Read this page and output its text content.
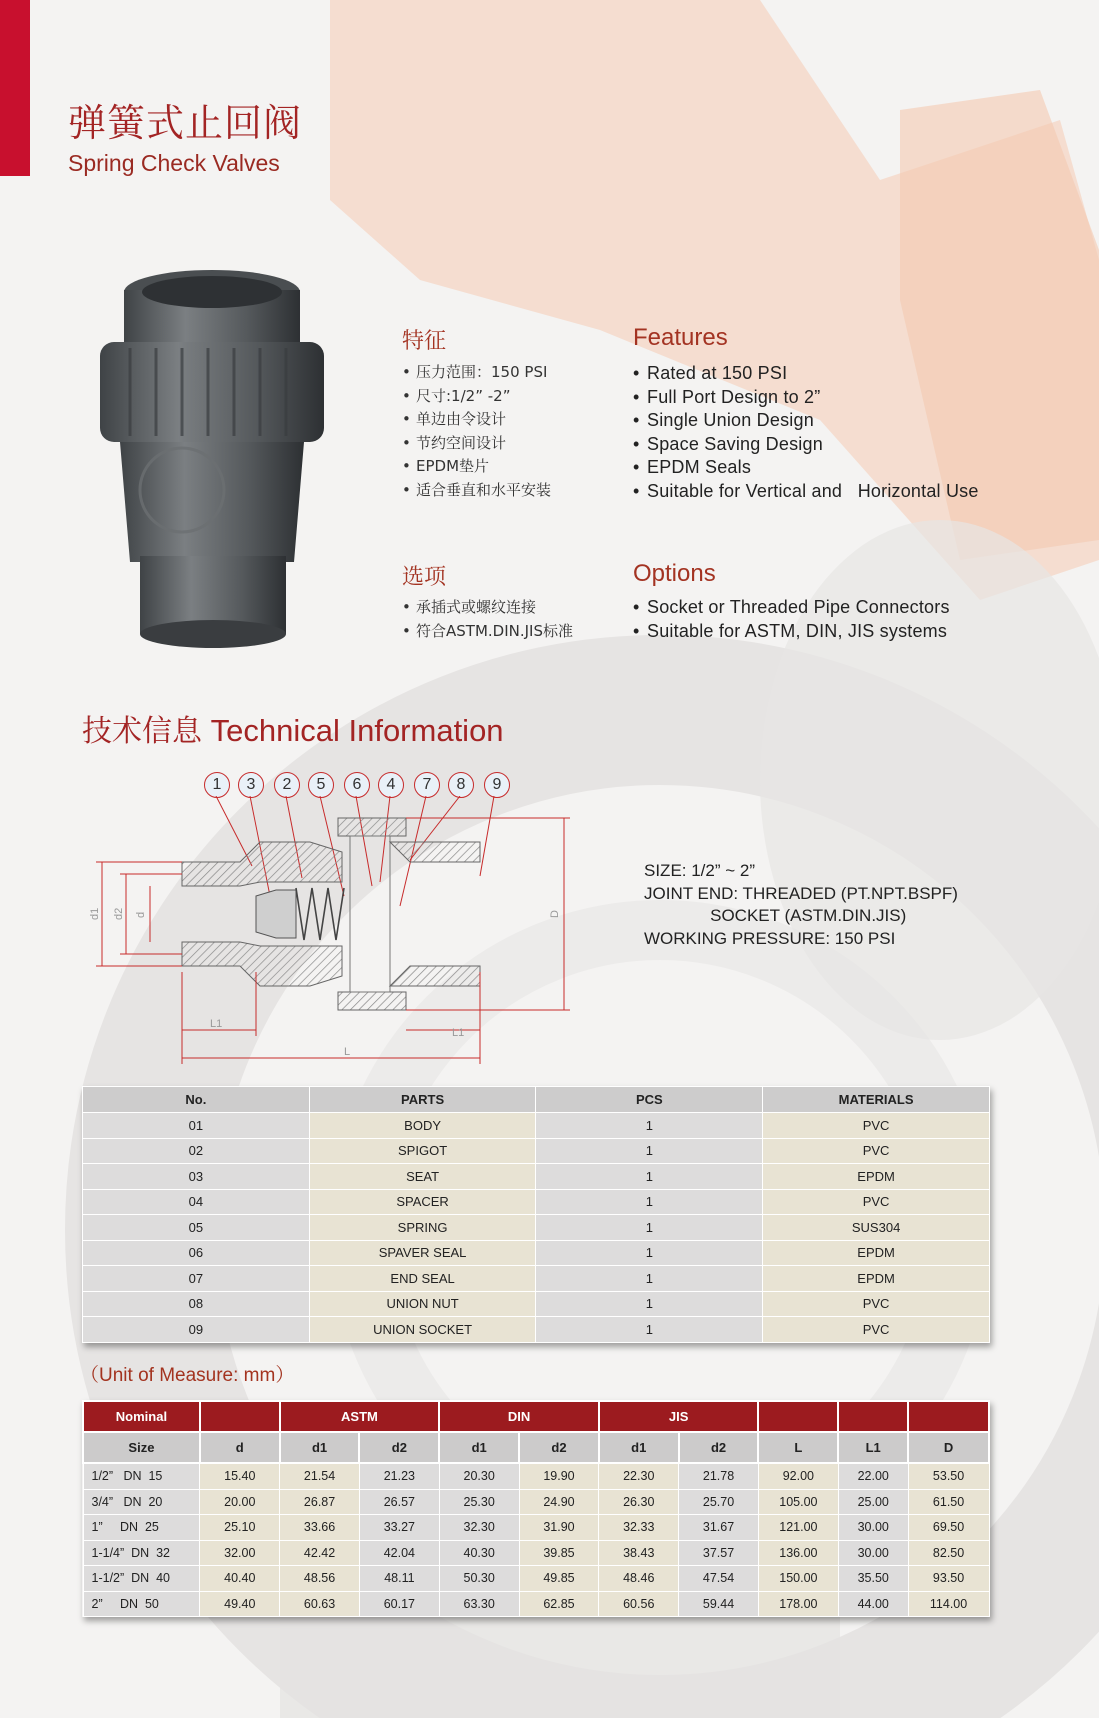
弹簧式止回阀
Spring Check Valves
特征	Features
• 压力范围：150 PSI
• 尺寸:1/2” -2”
• 单边由令设计
• 节约空间设计
• EPDM垫片
• 适合垂直和水平安装
• Rated at 150 PSI
• Full Port Design to 2”
• Single Union Design
• Space Saving Design
• EPDM Seals
• Suitable for Vertical and   Horizontal Use
选项	Options
• 承插式或螺纹连接
• 符合ASTM.DIN.JIS标准
• Socket or Threaded Pipe Connectors
• Suitable for ASTM, DIN, JIS systems
技术信息 Technical Information
1	3	2	5	6	4	7	8	9
d1 d2 d	D
L1
L1
L
SIZE: 1/2” ~ 2”
JOINT END: THREADED (PT.NPT.BSPF)
SOCKET (ASTM.DIN.JIS)
WORKING PRESSURE: 150 PSI
No.	PARTS	PCS	MATERIALS
01	BODY	1	PVC
02	SPIGOT	1	PVC
03	SEAT	1	EPDM
04	SPACER	1	PVC
05	SPRING	1	SUS304
06	SPAVER SEAL	1	EPDM
07	END SEAL	1	EPDM
08	UNION NUT	1	PVC
09	UNION SOCKET	1	PVC
（Unit of Measure: mm）
Nominal		ASTM		DIN		JIS				
Size	d	d1	d2	d1	d2	d1	d2	L	L1	D
1/2”   DN  15	15.40	21.54	21.23	20.30	19.90	22.30	21.78	92.00	22.00	53.50
3/4”   DN  20	20.00	26.87	26.57	25.30	24.90	26.30	25.70	105.00	25.00	61.50
1”     DN  25	25.10	33.66	33.27	32.30	31.90	32.33	31.67	121.00	30.00	69.50
1-1/4”  DN  32	32.00	42.42	42.04	40.30	39.85	38.43	37.57	136.00	30.00	82.50
1-1/2”  DN  40	40.40	48.56	48.11	50.30	49.85	48.46	47.54	150.00	35.50	93.50
2”     DN  50	49.40	60.63	60.17	63.30	62.85	60.56	59.44	178.00	44.00	114.00
